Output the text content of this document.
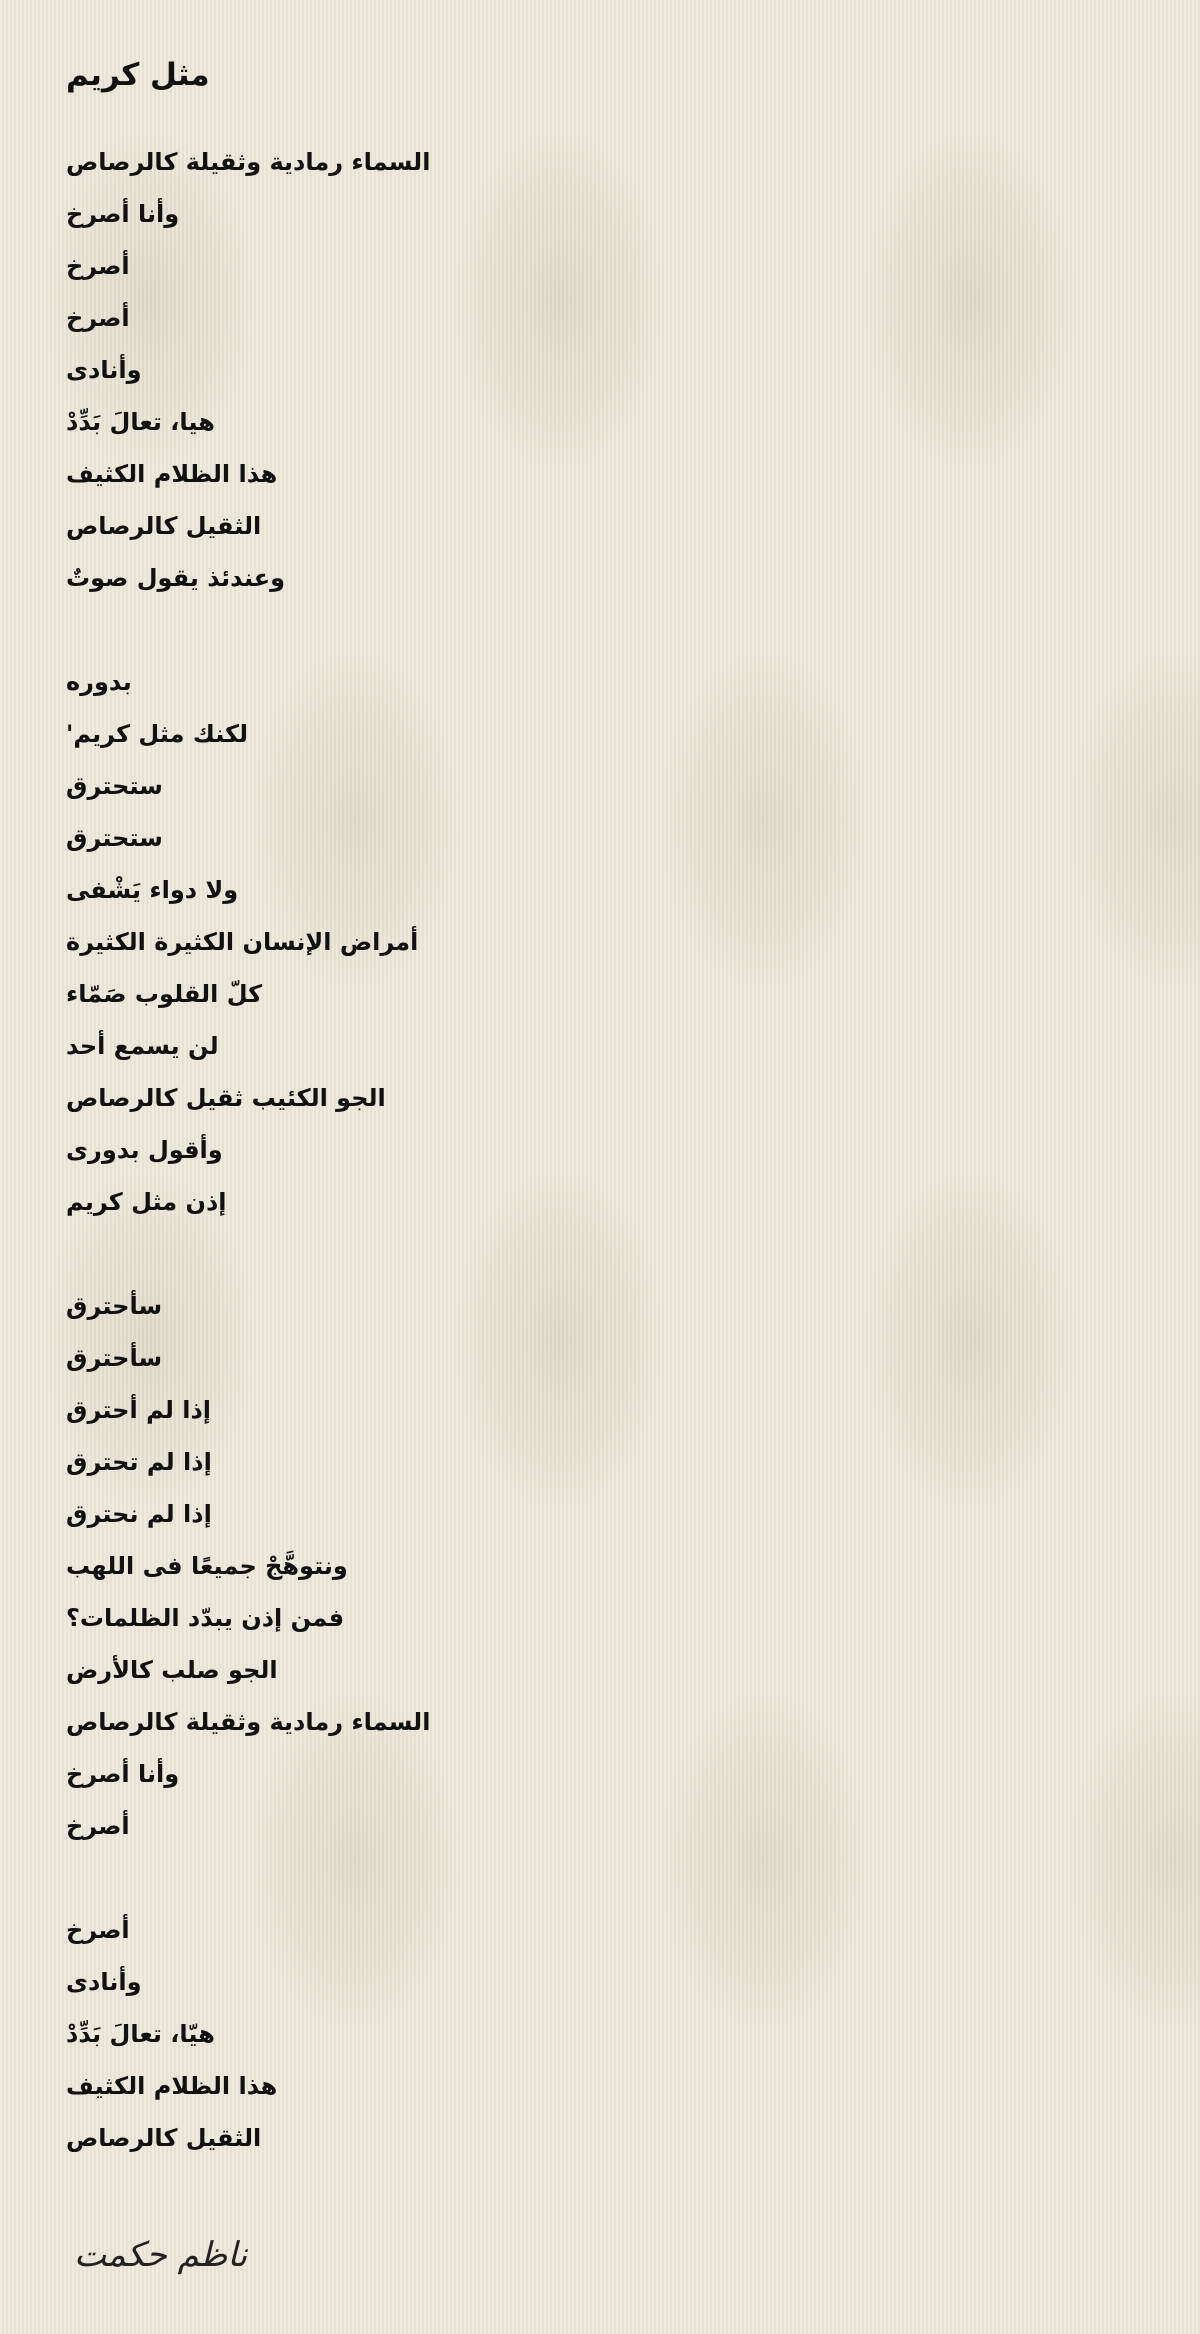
مثل كريم
السماء رمادية وثقيلة كالرصاص
وأنا أصرخ
أصرخ
أصرخ
وأنادى
هيا، تعالَ بَدِّدْ
هذا الظلام الكثيف
الثقيل كالرصاص
وعندئذ يقول صوتٌ
بدوره
لكنك مثل كريم'
ستحترق
ستحترق
ولا دواء يَشْفى
أمراض الإنسان الكثيرة الكثيرة
كلّ القلوب صَمّاء
لن يسمع أحد
الجو الكئيب ثقيل كالرصاص
وأقول بدورى
إذن مثل كريم
سأحترق
سأحترق
إذا لم أحترق
إذا لم تحترق
إذا لم نحترق
ونتوهَّجْ جميعًا فى اللهب
فمن إذن يبدّد الظلمات؟
الجو صلب كالأرض
السماء رمادية وثقيلة كالرصاص
وأنا أصرخ
أصرخ
أصرخ
وأنادى
هيّا، تعالَ بَدِّدْ
هذا الظلام الكثيف
الثقيل كالرصاص
ناظم حكمت
